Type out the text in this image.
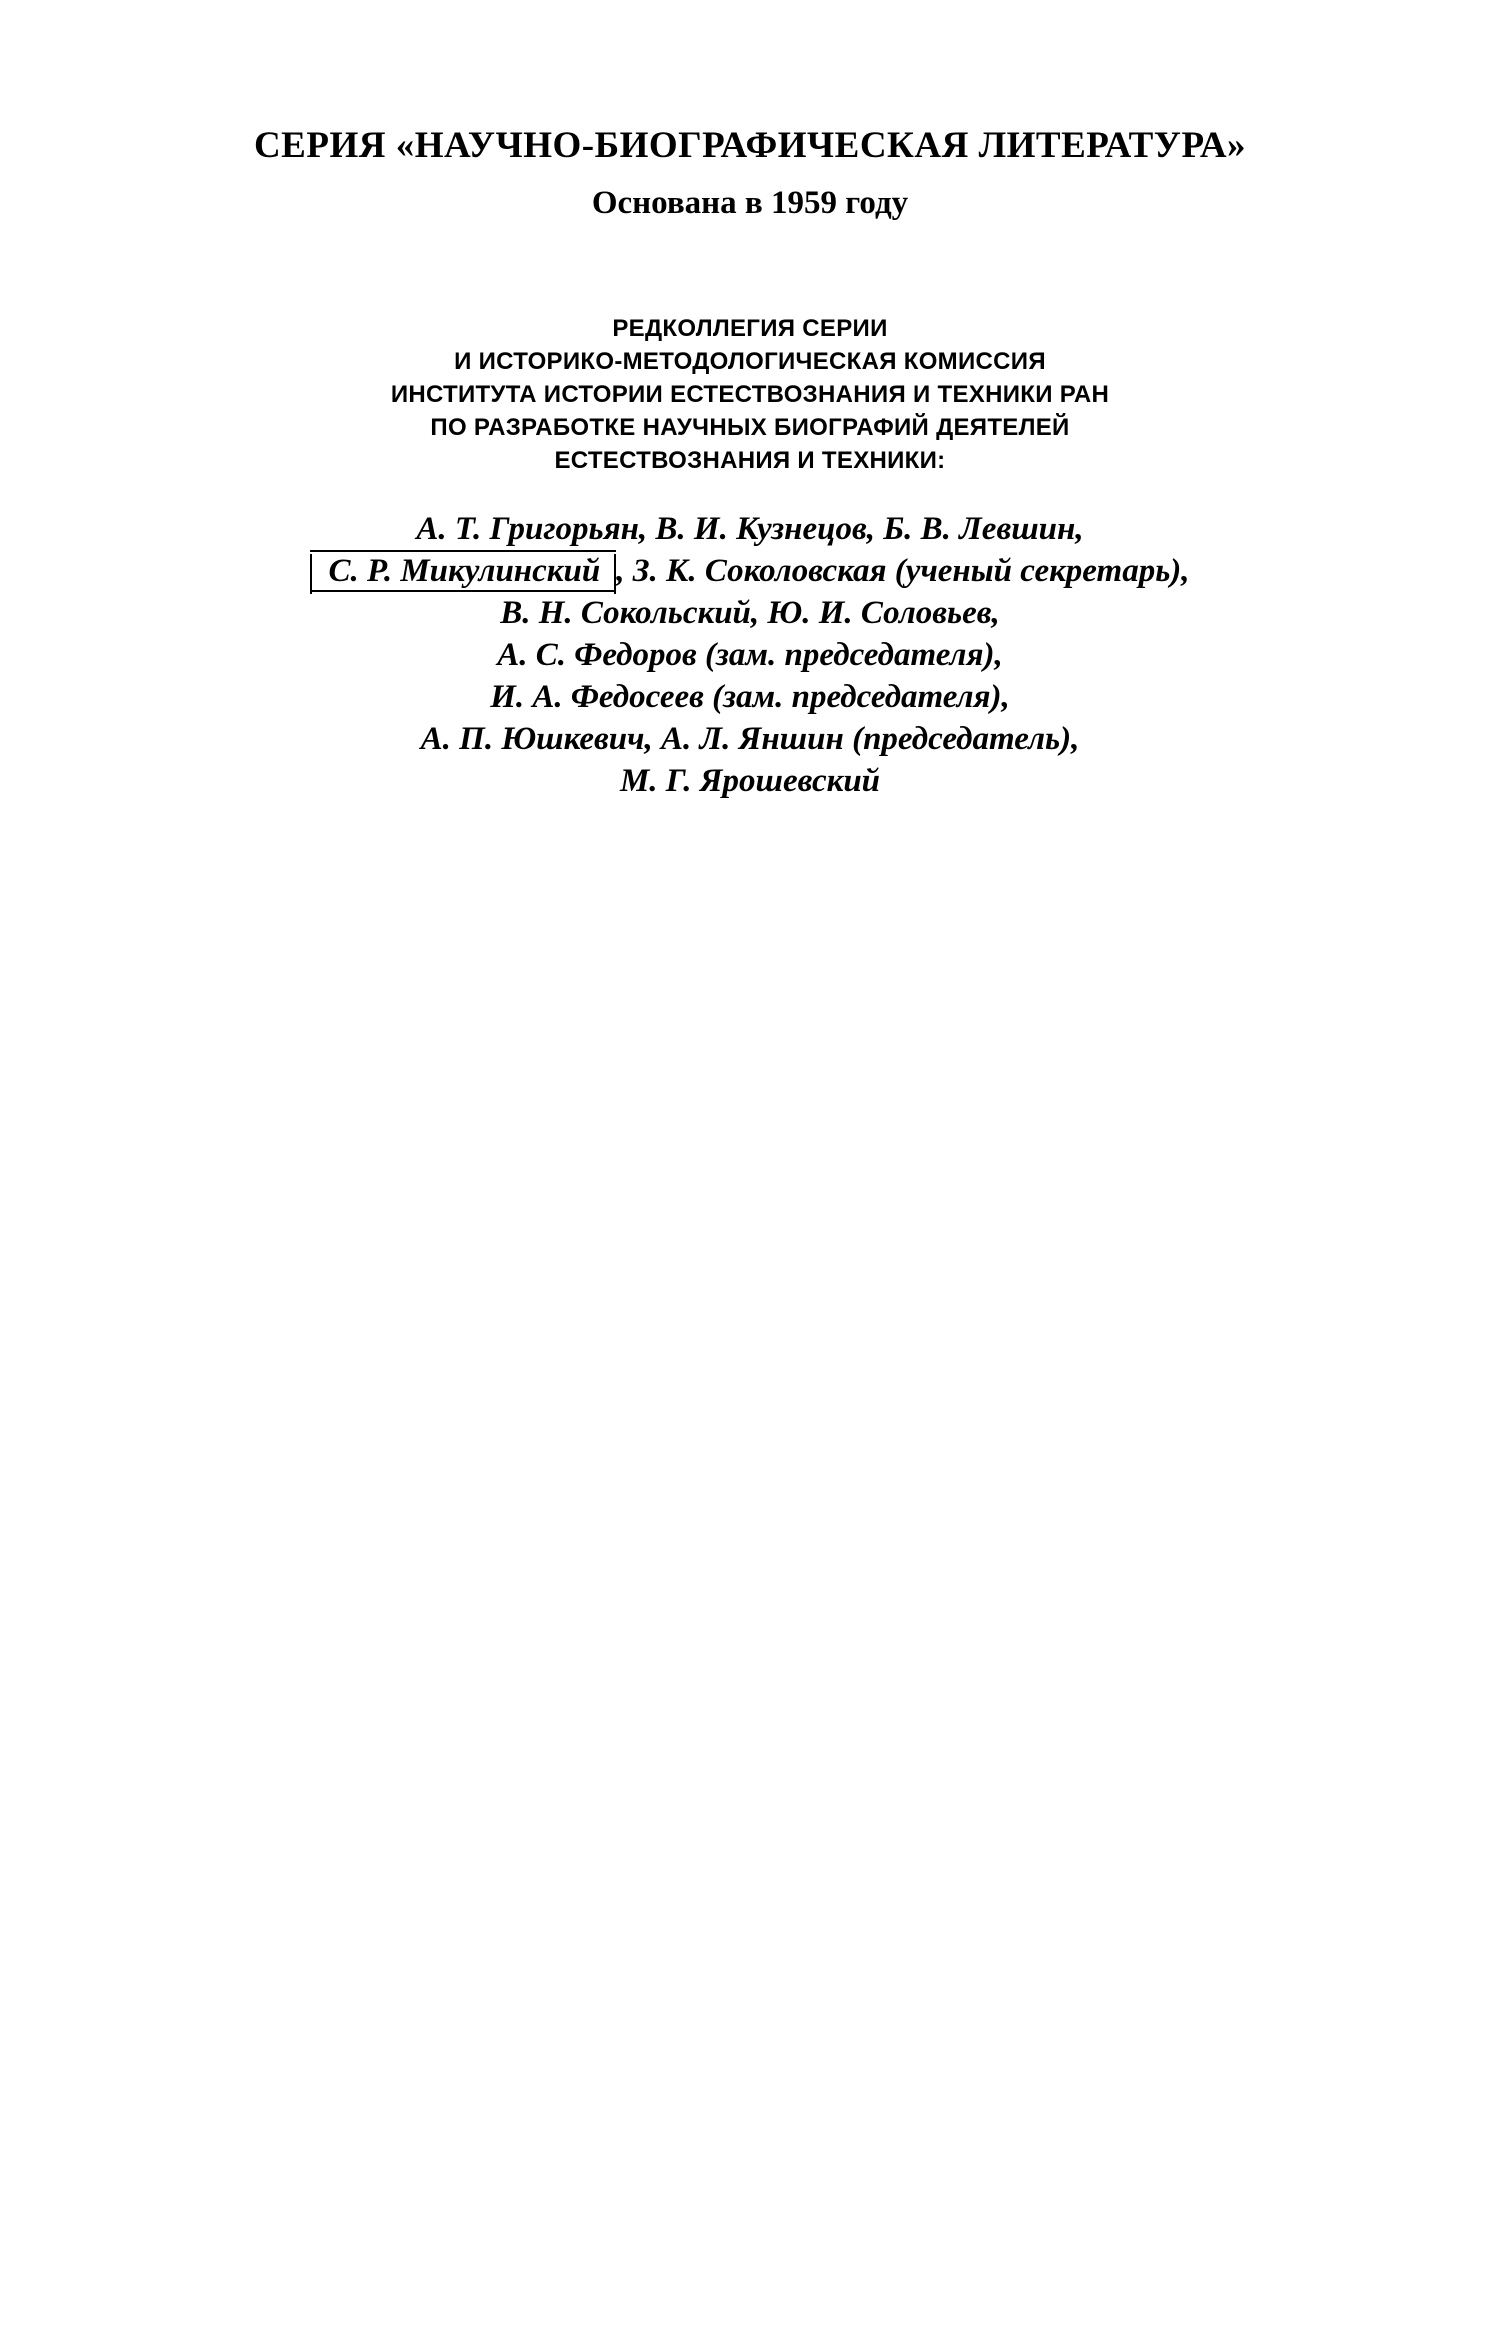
СЕРИЯ «НАУЧНО-БИОГРАФИЧЕСКАЯ ЛИТЕРАТУРА»
Основана в 1959 году
РЕДКОЛЛЕГИЯ СЕРИИ
И ИСТОРИКО-МЕТОДОЛОГИЧЕСКАЯ КОМИССИЯ
ИНСТИТУТА ИСТОРИИ ЕСТЕСТВОЗНАНИЯ И ТЕХНИКИ РАН
ПО РАЗРАБОТКЕ НАУЧНЫХ БИОГРАФИЙ ДЕЯТЕЛЕЙ
ЕСТЕСТВОЗНАНИЯ И ТЕХНИКИ:
А. Т. Григорьян, В. И. Кузнецов, Б. В. Левшин,
С. Р. Микулинский , З. К. Соколовская (ученый секретарь),
В. Н. Сокольский, Ю. И. Соловьев,
А. С. Федоров (зам. председателя),
И. А. Федосеев (зам. председателя),
А. П. Юшкевич, А. Л. Яншин (председатель),
М. Г. Ярошевский
